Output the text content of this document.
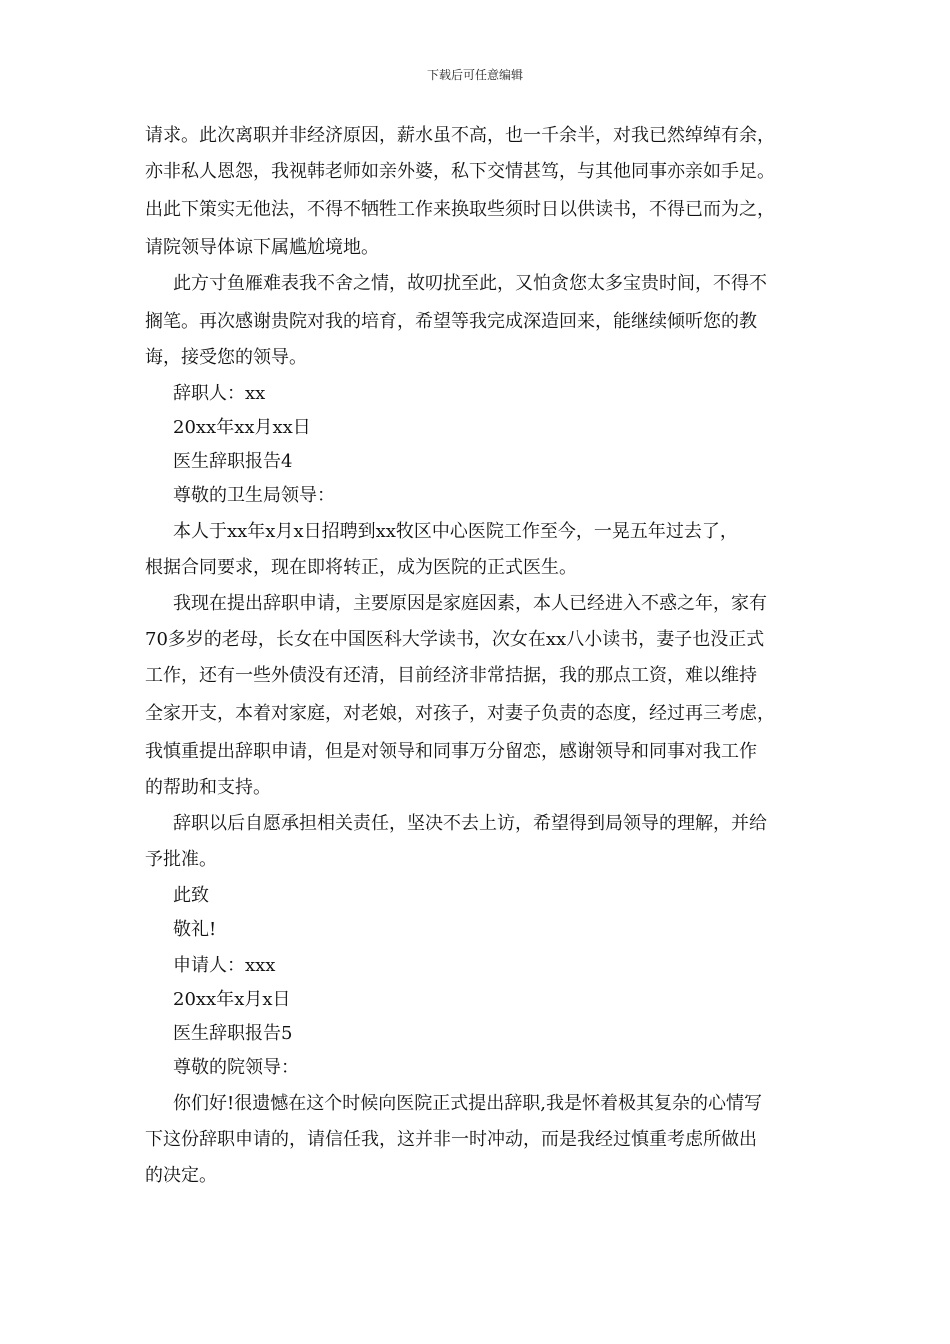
下载后可任意编辑
请求。此次离职并非经济原因，薪水虽不高，也一千余半，对我已然绰绰有余，
亦非私人恩怨，我视韩老师如亲外婆，私下交情甚笃，与其他同事亦亲如手足。
出此下策实无他法，不得不牺牲工作来换取些须时日以供读书，不得已而为之，
请院领导体谅下属尴尬境地。
此方寸鱼雁难表我不舍之情，故叨扰至此，又怕贪您太多宝贵时间，不得不
搁笔。再次感谢贵院对我的培育，希望等我完成深造回来，能继续倾听您的教
诲，接受您的领导。
辞职人：xx
20xx年xx月xx日
医生辞职报告4
尊敬的卫生局领导：
本人于xx年x月x日招聘到xx牧区中心医院工作至今，一晃五年过去了，
根据合同要求，现在即将转正，成为医院的正式医生。
我现在提出辞职申请，主要原因是家庭因素，本人已经进入不惑之年，家有
70多岁的老母，长女在中国医科大学读书，次女在xx八小读书，妻子也没正式
工作，还有一些外债没有还清，目前经济非常拮据，我的那点工资，难以维持
全家开支，本着对家庭，对老娘，对孩子，对妻子负责的态度，经过再三考虑，
我慎重提出辞职申请，但是对领导和同事万分留恋，感谢领导和同事对我工作
的帮助和支持。
辞职以后自愿承担相关责任，坚决不去上访，希望得到局领导的理解，并给
予批准。
此致
敬礼!
申请人：xxx
20xx年x月x日
医生辞职报告5
尊敬的院领导：
你们好!很遗憾在这个时候向医院正式提出辞职,我是怀着极其复杂的心情写
下这份辞职申请的，请信任我，这并非一时冲动，而是我经过慎重考虑所做出
的决定。
